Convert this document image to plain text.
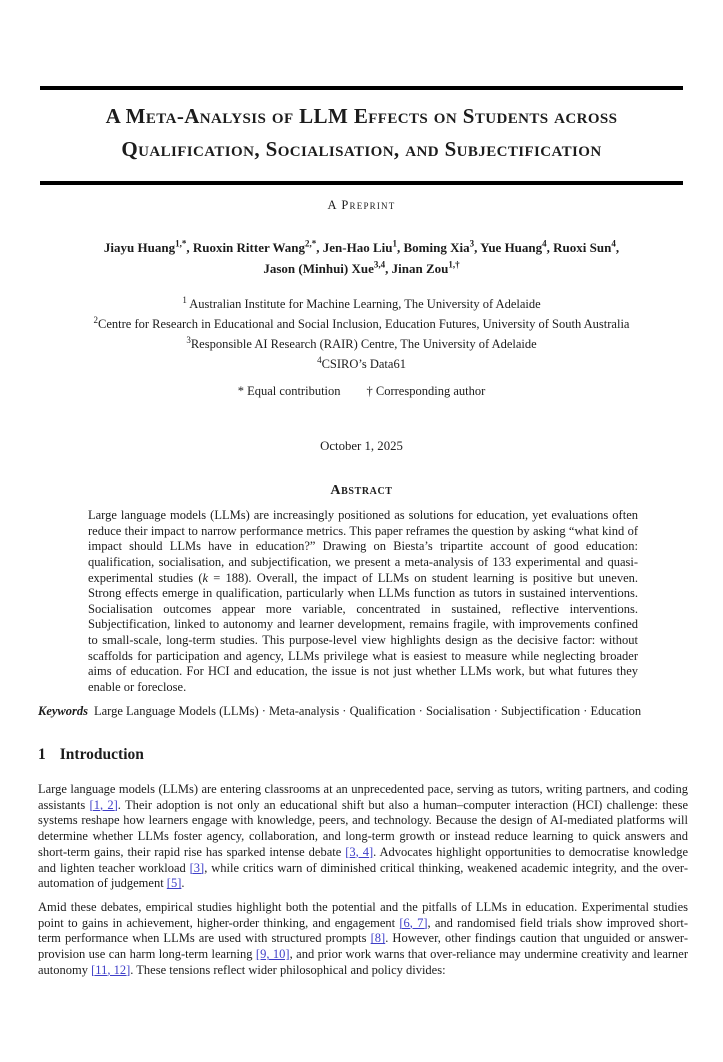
A Meta-Analysis of LLM Effects on Students across
Qualification, Socialisation, and Subjectification
A Preprint
Jiayu Huang$^{1,*}$, Ruoxin Ritter Wang$^{2,*}$, Jen-Hao Liu$^1$, Boming Xia$^3$, Yue Huang$^4$, Ruoxi Sun$^4$,
Jason (Minhui) Xue$^{3,4}$, Jinan Zou$^{1,\dagger}$
$^1$ Australian Institute for Machine Learning, The University of Adelaide
$^2$Centre for Research in Educational and Social Inclusion, Education Futures, University of South Australia
$^3$Responsible AI Research (RAIR) Centre, The University of Adelaide
$^4$CSIRO’s Data61
* Equal contribution † Corresponding author
October 1, 2025
Abstract
Large language models (LLMs) are increasingly positioned as solutions for education, yet evaluations often reduce their impact to narrow performance metrics. This paper reframes the question by asking “what kind of impact should LLMs have in education?” Drawing on Biesta’s tripartite account of good education: qualification, socialisation, and subjectification, we present a meta-analysis of 133 experimental and quasi-experimental studies (k = 188). Overall, the impact of LLMs on student learning is positive but uneven. Strong effects emerge in qualification, particularly when LLMs function as tutors in sustained interventions. Socialisation outcomes appear more variable, concentrated in sustained, reflective interventions. Subjectification, linked to autonomy and learner development, remains fragile, with improvements confined to small-scale, long-term studies. This purpose-level view highlights design as the decisive factor: without scaffolds for participation and agency, LLMs privilege what is easiest to measure while neglecting broader aims of education. For HCI and education, the issue is not just whether LLMs work, but what futures they enable or foreclose.
Keywords Large Language Models (LLMs) · Meta-analysis · Qualification · Socialisation · Subjectification · Education
1 Introduction

Large language models (LLMs) are entering classrooms at an unprecedented pace, serving as tutors, writing partners, and coding assistants [1, 2]. Their adoption is not only an educational shift but also a human–computer interaction (HCI) challenge: these systems reshape how learners engage with knowledge, peers, and technology. Because the design of AI-mediated platforms will determine whether LLMs foster agency, collaboration, and long-term growth or instead reduce learning to quick answers and short-term gains, their rapid rise has sparked intense debate [3, 4]. Advocates highlight opportunities to democratise knowledge and lighten teacher workload [3], while critics warn of diminished critical thinking, weakened academic integrity, and the over-automation of judgement [5].

Amid these debates, empirical studies highlight both the potential and the pitfalls of LLMs in education. Experimental studies point to gains in achievement, higher-order thinking, and engagement [6, 7], and randomised field trials show improved short-term performance when LLMs are used with structured prompts [8]. However, other findings caution that unguided or answer-provision use can harm long-term learning [9, 10], and prior work warns that over-reliance may undermine creativity and learner autonomy [11, 12]. These tensions reflect wider philosophical and policy divides:
